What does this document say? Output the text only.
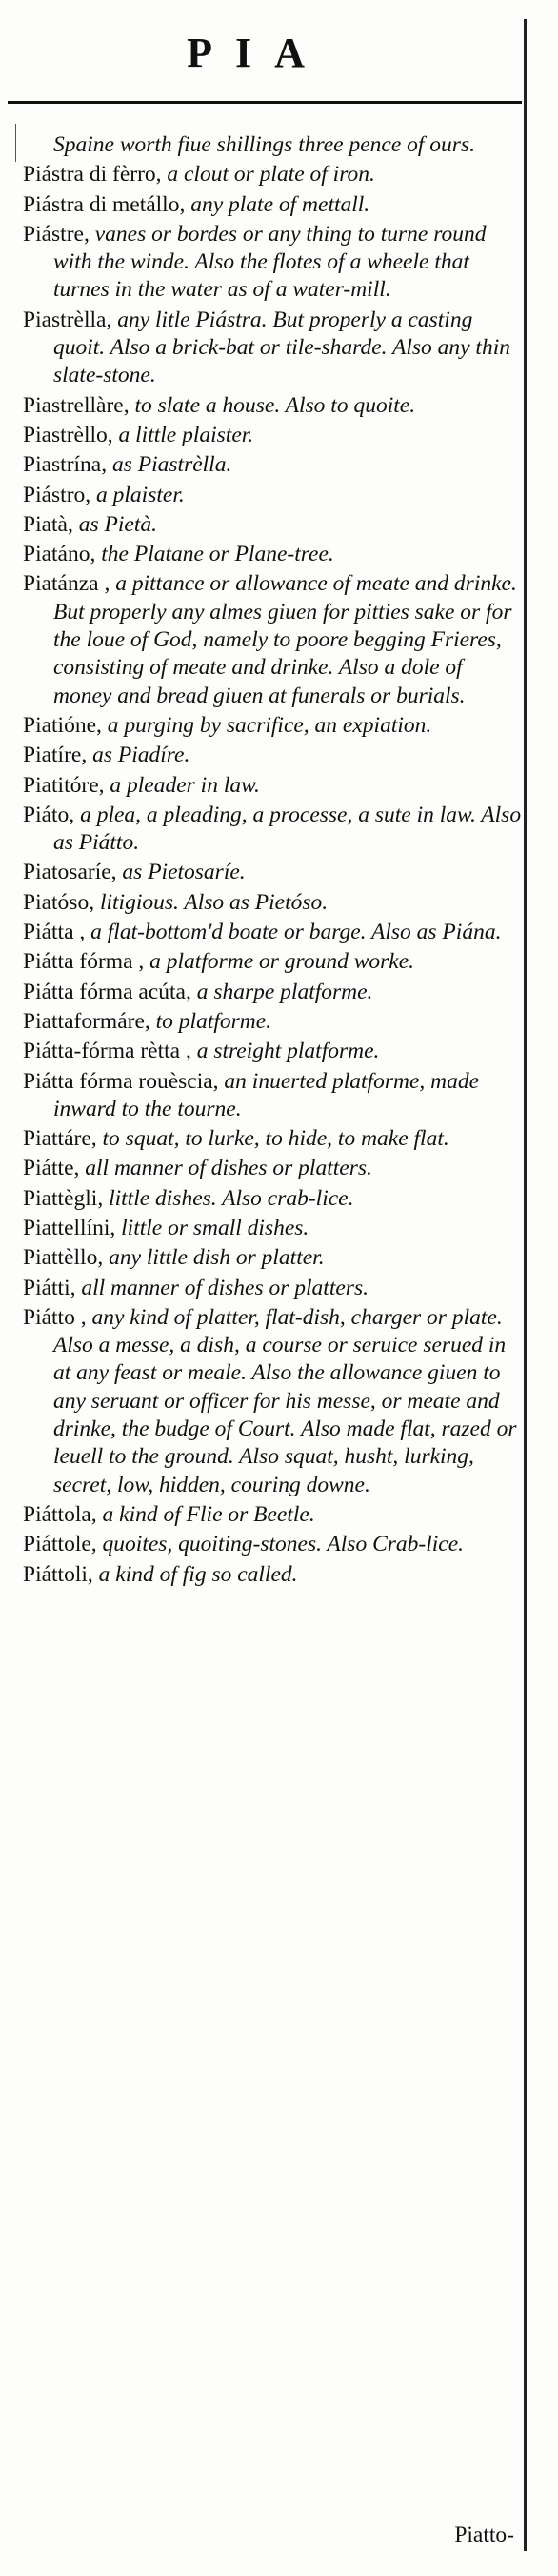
PIA
Spaine worth fiue shillings three pence of ours.
Piástra di fèrro, a clout or plate of iron.
Piástra di metállo, any plate of mettall.
Piástre, vanes or bordes or any thing to turne round with the winde. Also the flotes of a wheele that turnes in the water as of a water-mill.
Piastrèlla, any litle Piástra. But properly a casting quoit. Also a brick-bat or tile-sharde. Also any thin slate-stone.
Piastrellàre, to slate a house. Also to quoite.
Piastrèllo, a little plaister.
Piastrína, as Piastrèlla.
Piástro, a plaister.
Piatà, as Pietà.
Piatáno, the Platane or Plane-tree.
Piatánza , a pittance or allowance of meate and drinke. But properly any almes giuen for pitties sake or for the loue of God, namely to poore begging Frieres, consisting of meate and drinke. Also a dole of money and bread giuen at funerals or burials.
Piatióne, a purging by sacrifice, an expiation.
Piatíre, as Piadíre.
Piatitóre, a pleader in law.
Piáto, a plea, a pleading, a processe, a sute in law. Also as Piátto.
Piatosaríe, as Pietosaríe.
Piatóso, litigious. Also as Pietóso.
Piátta , a flat-bottom'd boate or barge. Also as Piána.
Piátta fórma , a platforme or ground worke.
Piátta fórma acúta, a sharpe platforme.
Piattaformáre, to platforme.
Piátta-fórma rètta , a streight platforme.
Piátta fórma rouèscia, an inuerted platforme, made inward to the tourne.
Piattáre, to squat, to lurke, to hide, to make flat.
Piátte, all manner of dishes or platters.
Piattègli, little dishes. Also crab-lice.
Piattellíni, little or small dishes.
Piattèllo, any little dish or platter.
Piátti, all manner of dishes or platters.
Piátto , any kind of platter, flat-dish, charger or plate. Also a messe, a dish, a course or seruice serued in at any feast or meale. Also the allowance giuen to any seruant or officer for his messe, or meate and drinke, the budge of Court. Also made flat, razed or leuell to the ground. Also squat, husht, lurking, secret, low, hidden, couring downe.
Piáttola, a kind of Flie or Beetle.
Piáttole, quoites, quoiting-stones. Also Crab-lice.
Piáttoli, a kind of fig so called.
Piatto-
